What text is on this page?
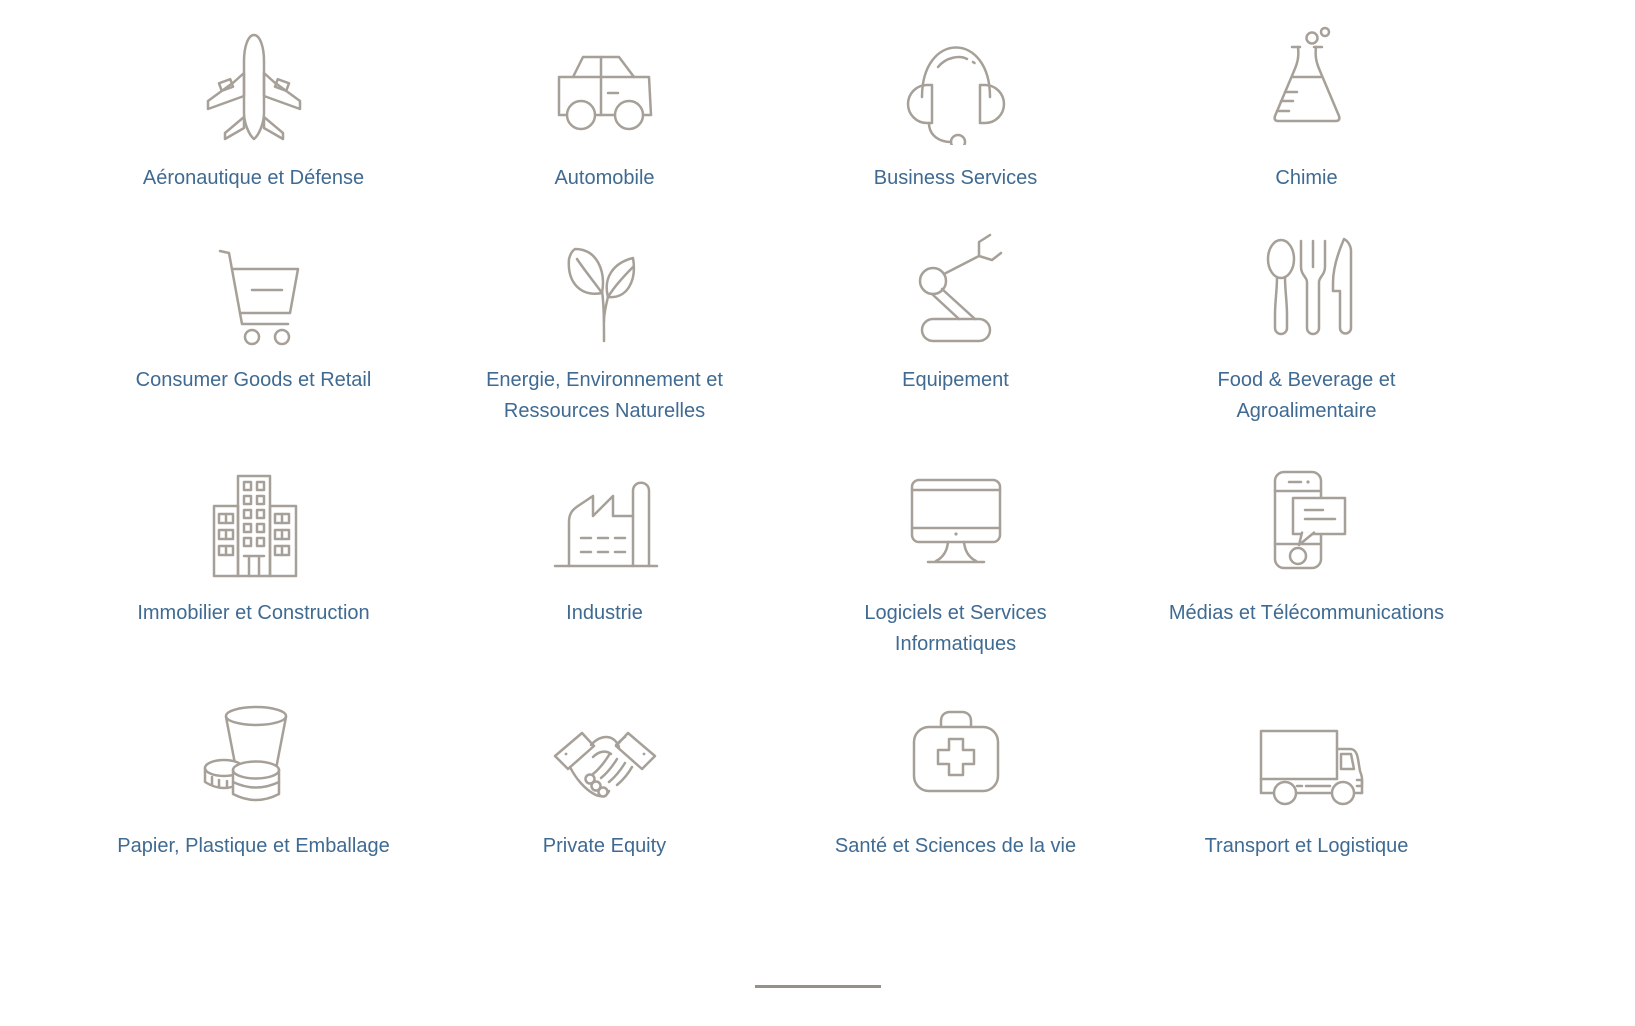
Aéronautique et Défense	Automobile	Business Services	Chimie
Consumer Goods et Retail	Energie, Environnement et Ressources Naturelles
Equipement	Food & Beverage et Agroalimentaire
Immobilier et Construction	Industrie	Logiciels et Services Informatiques
Médias et Télécommunications
Papier, Plastique et Emballage	Private Equity	Santé et Sciences de la vie	Transport et Logistique
